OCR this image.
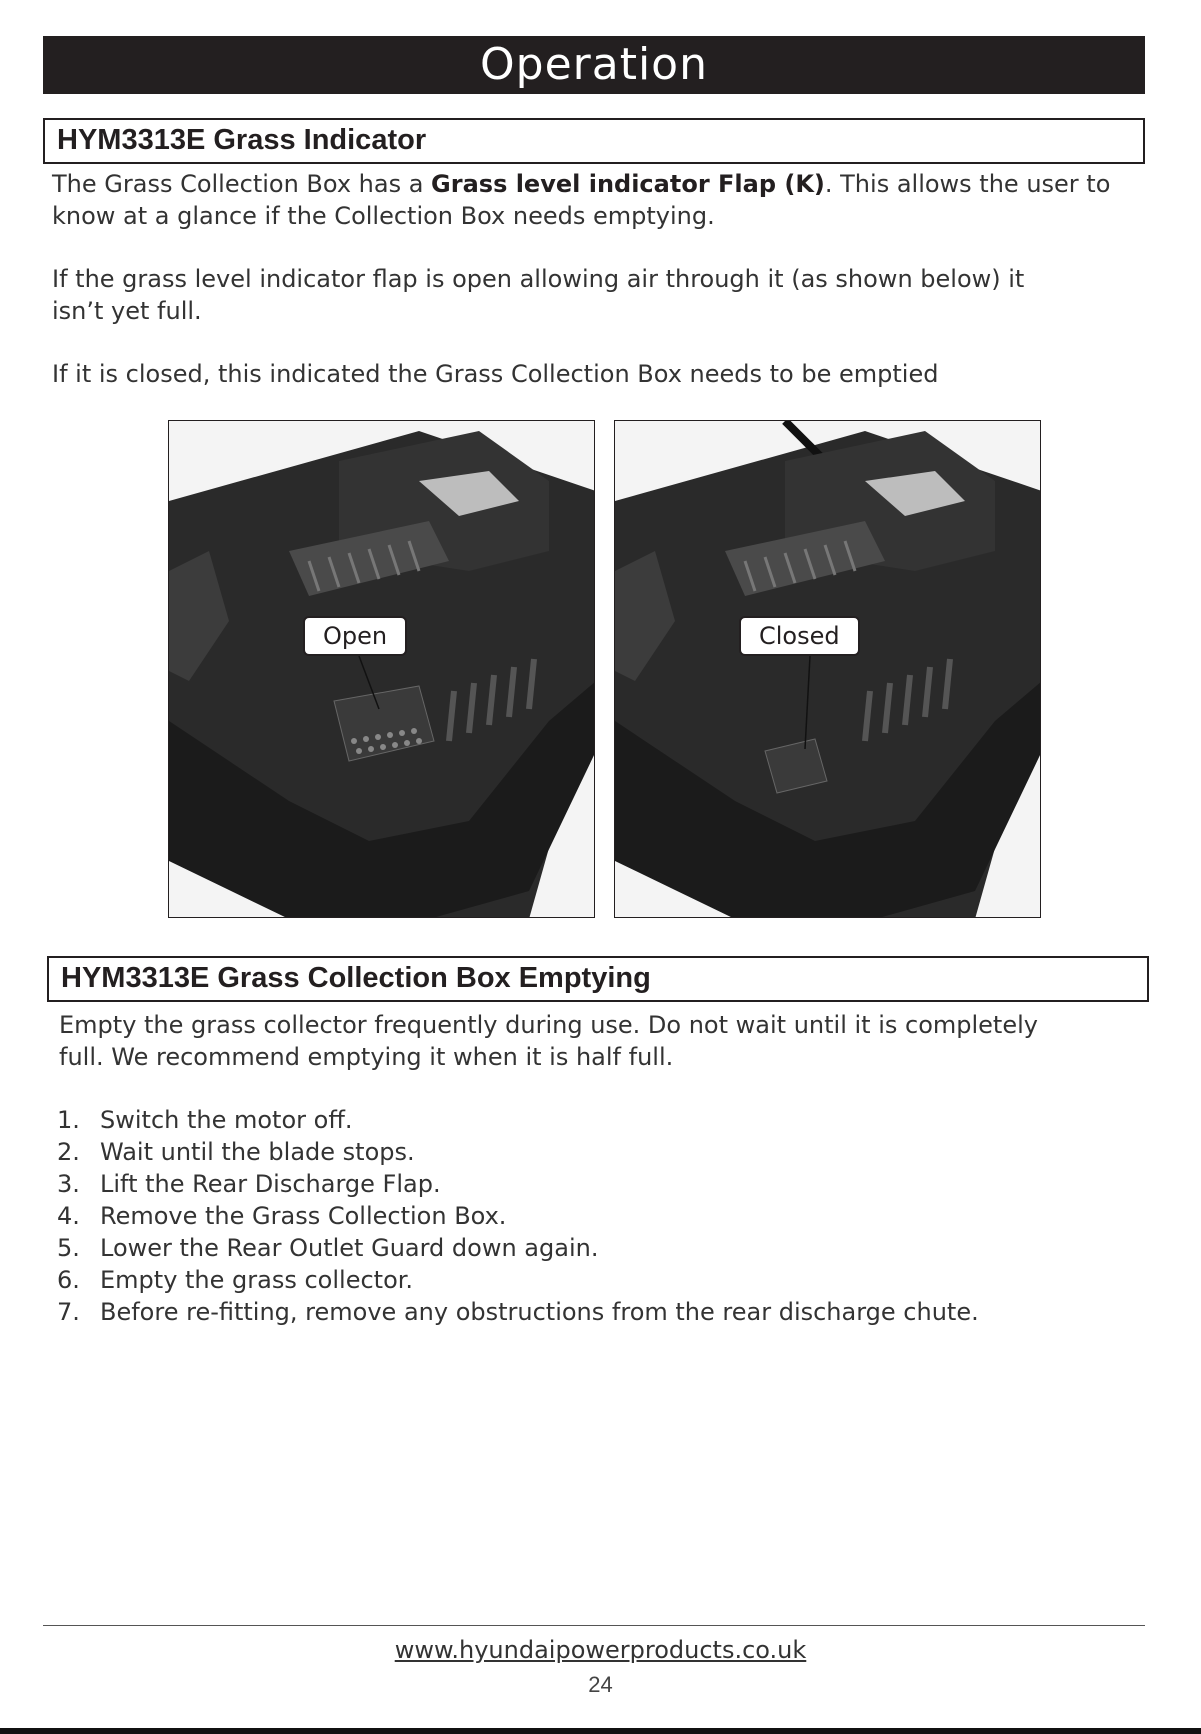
Operation
HYM3313E Grass Indicator

The Grass Collection Box has a Grass level indicator Flap (K). This allows the user to
know at a glance if the Collection Box needs emptying.

If the grass level indicator flap is open allowing air through it (as shown below) it
isn’t yet full.

If it is closed, this indicated the Grass Collection Box needs to be emptied

Open	Closed
HYM3313E Grass Collection Box Emptying

Empty the grass collector frequently during use. Do not wait until it is completely
full. We recommend emptying it when it is half full.

1. Switch the motor off.
2. Wait until the blade stops.
3. Lift the Rear Discharge Flap.
4. Remove the Grass Collection Box.
5. Lower the Rear Outlet Guard down again.
6. Empty the grass collector.
7. Before re-fitting, remove any obstructions from the rear discharge chute.
www.hyundaipowerproducts.co.uk
24
